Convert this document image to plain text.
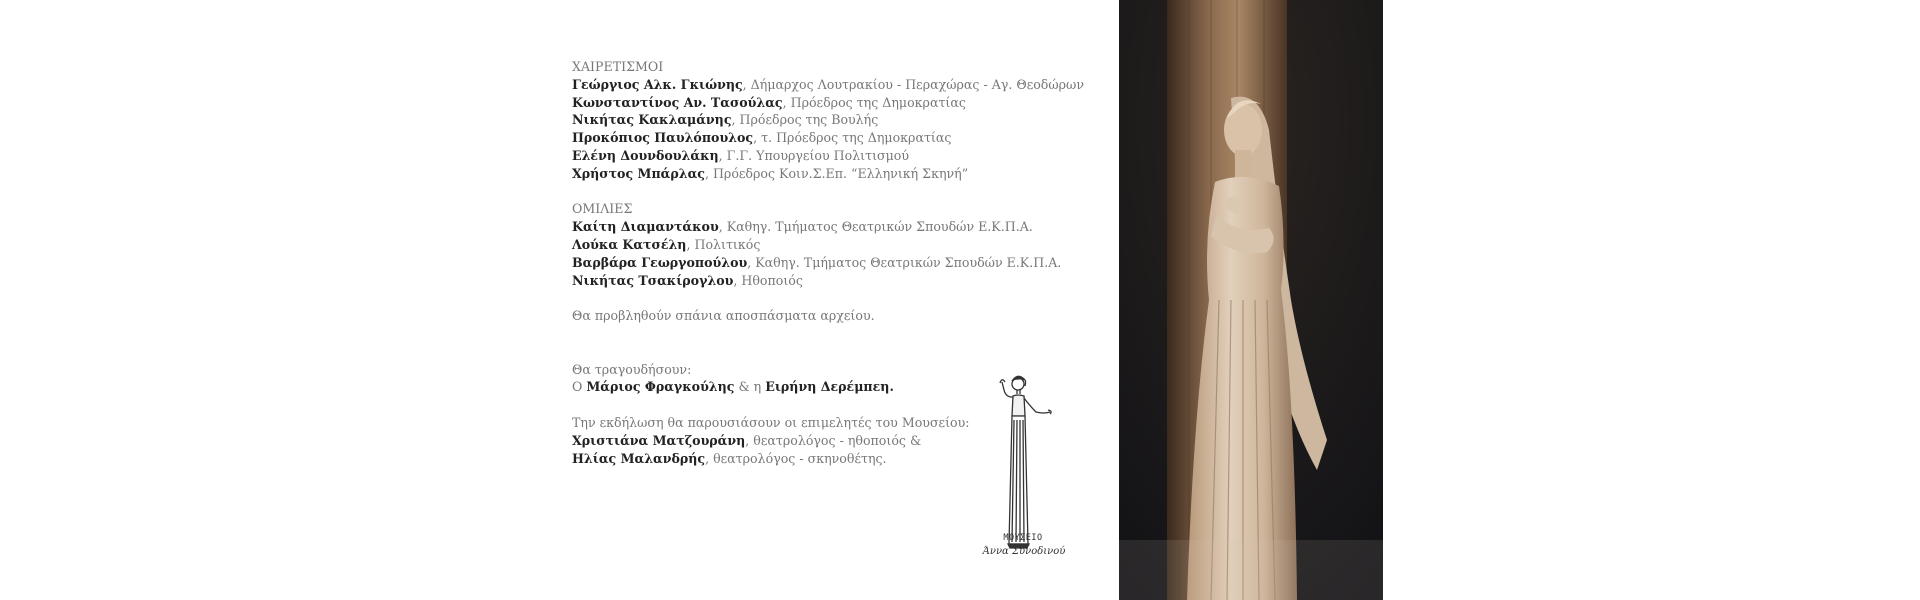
ΧΑΙΡΕΤΙΣΜΟΙ
Γεώργιος Αλκ. Γκιώνης, Δήμαρχος Λουτρακίου - Περαχώρας - Αγ. Θεοδώρων
Κωνσταντίνος Αν. Τασούλας, Πρόεδρος της Δημοκρατίας
Νικήτας Κακλαμάνης, Πρόεδρος της Βουλής
Προκόπιος Παυλόπουλος, τ. Πρόεδρος της Δημοκρατίας
Ελένη Δουνδουλάκη, Γ.Γ. Υπουργείου Πολιτισμού
Χρήστος Μπάρλας, Πρόεδρος Κοιν.Σ.Επ. “Ελληνική Σκηνή”
ΟΜΙΛΙΕΣ
Καίτη Διαμαντάκου, Καθηγ. Τμήματος Θεατρικών Σπουδών Ε.Κ.Π.Α.
Λούκα Κατσέλη, Πολιτικός
Βαρβάρα Γεωργοπούλου, Καθηγ. Τμήματος Θεατρικών Σπουδών Ε.Κ.Π.Α.
Νικήτας Τσακίρογλου, Ηθοποιός
Θα προβληθούν σπάνια αποσπάσματα αρχείου.
Θα τραγουδήσουν:
Ο Μάριος Φραγκούλης & η Ειρήνη Δερέμπεη.
Την εκδήλωση θα παρουσιάσουν οι επιμελητές του Μουσείου:
Χριστιάνα Ματζουράνη, θεατρολόγος - ηθοποιός &
Ηλίας Μαλανδρής, θεατρολόγος - σκηνοθέτης.
ΜΟΥΣΕΙΟ
Άννα Συνοδινού
